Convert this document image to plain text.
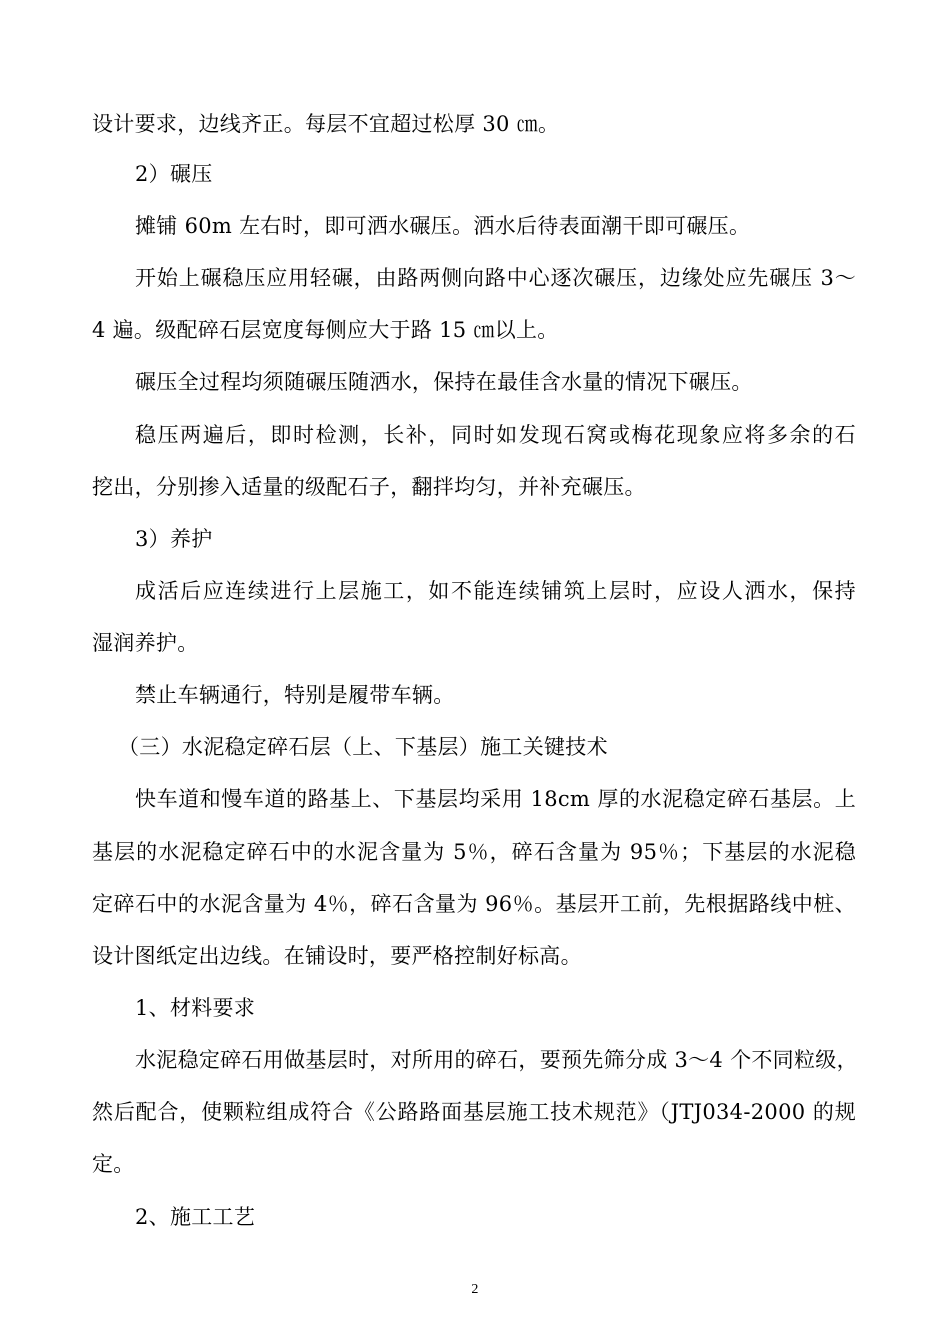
设计要求，边线齐正。每层不宜超过松厚 30 ㎝。
2）碾压
摊铺 60m 左右时，即可洒水碾压。洒水后待表面潮干即可碾压。
开始上碾稳压应用轻碾，由路两侧向路中心逐次碾压，边缘处应先碾压 3～
4 遍。级配碎石层宽度每侧应大于路 15 ㎝以上。
碾压全过程均须随碾压随洒水，保持在最佳含水量的情况下碾压。
稳压两遍后，即时检测，长补，同时如发现石窝或梅花现象应将多余的石
挖出，分别掺入适量的级配石子，翻拌均匀，并补充碾压。
3）养护
成活后应连续进行上层施工，如不能连续铺筑上层时，应设人洒水，保持
湿润养护。
禁止车辆通行，特别是履带车辆。
（三）水泥稳定碎石层（上、下基层）施工关键技术
快车道和慢车道的路基上、下基层均采用 18cm 厚的水泥稳定碎石基层。上
基层的水泥稳定碎石中的水泥含量为 5％，碎石含量为 95％；下基层的水泥稳
定碎石中的水泥含量为 4％，碎石含量为 96％。基层开工前，先根据路线中桩、
设计图纸定出边线。在铺设时，要严格控制好标高。
1、材料要求
水泥稳定碎石用做基层时，对所用的碎石，要预先筛分成 3～4 个不同粒级，
然后配合，使颗粒组成符合《公路路面基层施工技术规范》（JTJ034-2000 的规
定。
2、施工工艺
2
